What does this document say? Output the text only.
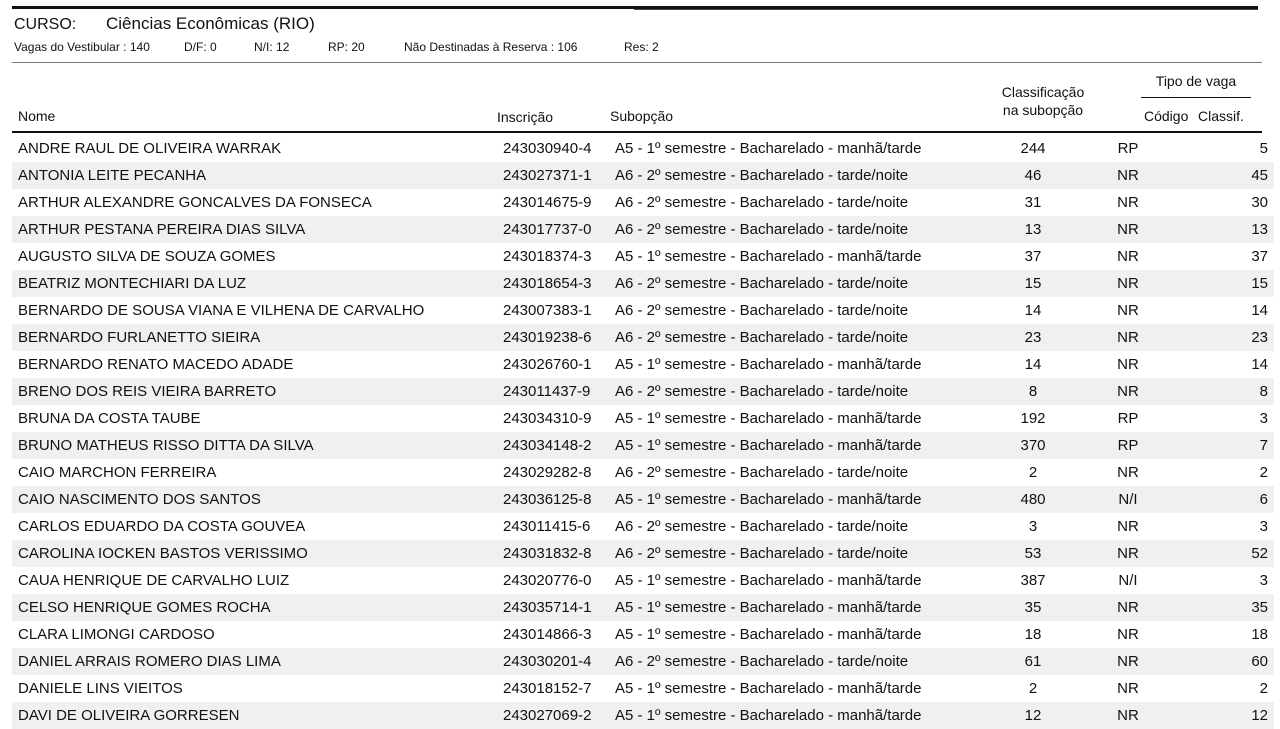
CURSO: Ciências Econômicas (RIO)
Vagas do Vestibular : 140	D/F: 0	N/I: 12	RP: 20	Não Destinadas à Reserva : 106	Res: 2
Nome	Inscrição	Subopção
Classificação
na subopção
Tipo de vaga
Código Classif.
ANDRE RAUL DE OLIVEIRA WARRAK	243030940-4	A5 - 1º semestre - Bacharelado - manhã/tarde	244	RP	5
ANTONIA LEITE PECANHA	243027371-1	A6 - 2º semestre - Bacharelado - tarde/noite	46	NR	45
ARTHUR ALEXANDRE GONCALVES DA FONSECA	243014675-9	A6 - 2º semestre - Bacharelado - tarde/noite	31	NR	30
ARTHUR PESTANA PEREIRA DIAS SILVA	243017737-0	A6 - 2º semestre - Bacharelado - tarde/noite	13	NR	13
AUGUSTO SILVA DE SOUZA GOMES	243018374-3	A5 - 1º semestre - Bacharelado - manhã/tarde	37	NR	37
BEATRIZ MONTECHIARI DA LUZ	243018654-3	A6 - 2º semestre - Bacharelado - tarde/noite	15	NR	15
BERNARDO DE SOUSA VIANA E VILHENA DE CARVALHO	243007383-1	A6 - 2º semestre - Bacharelado - tarde/noite	14	NR	14
BERNARDO FURLANETTO SIEIRA	243019238-6	A6 - 2º semestre - Bacharelado - tarde/noite	23	NR	23
BERNARDO RENATO MACEDO ADADE	243026760-1	A5 - 1º semestre - Bacharelado - manhã/tarde	14	NR	14
BRENO DOS REIS VIEIRA BARRETO	243011437-9	A6 - 2º semestre - Bacharelado - tarde/noite	8	NR	8
BRUNA DA COSTA TAUBE	243034310-9	A5 - 1º semestre - Bacharelado - manhã/tarde	192	RP	3
BRUNO MATHEUS RISSO DITTA DA SILVA	243034148-2	A5 - 1º semestre - Bacharelado - manhã/tarde	370	RP	7
CAIO MARCHON FERREIRA	243029282-8	A6 - 2º semestre - Bacharelado - tarde/noite	2	NR	2
CAIO NASCIMENTO DOS SANTOS	243036125-8	A5 - 1º semestre - Bacharelado - manhã/tarde	480	N/I	6
CARLOS EDUARDO DA COSTA GOUVEA	243011415-6	A6 - 2º semestre - Bacharelado - tarde/noite	3	NR	3
CAROLINA IOCKEN BASTOS VERISSIMO	243031832-8	A6 - 2º semestre - Bacharelado - tarde/noite	53	NR	52
CAUA HENRIQUE DE CARVALHO LUIZ	243020776-0	A5 - 1º semestre - Bacharelado - manhã/tarde	387	N/I	3
CELSO HENRIQUE GOMES ROCHA	243035714-1	A5 - 1º semestre - Bacharelado - manhã/tarde	35	NR	35
CLARA LIMONGI CARDOSO	243014866-3	A5 - 1º semestre - Bacharelado - manhã/tarde	18	NR	18
DANIEL ARRAIS ROMERO DIAS LIMA	243030201-4	A6 - 2º semestre - Bacharelado - tarde/noite	61	NR	60
DANIELE LINS VIEITOS	243018152-7	A5 - 1º semestre - Bacharelado - manhã/tarde	2	NR	2
DAVI DE OLIVEIRA GORRESEN	243027069-2	A5 - 1º semestre - Bacharelado - manhã/tarde	12	NR	12
